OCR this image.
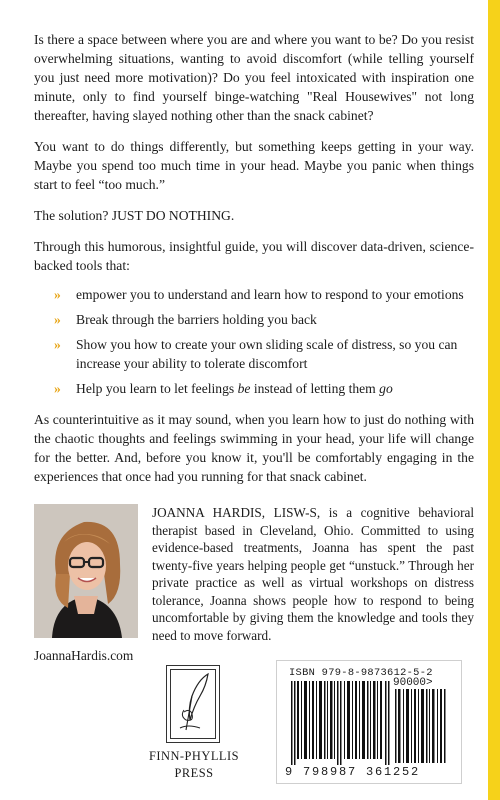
Is there a space between where you are and where you want to be? Do you resist overwhelming situations, wanting to avoid discomfort (while telling yourself you just need more motivation)? Do you feel intoxicated with inspiration one minute, only to find yourself binge-watching "Real Housewives" not long thereafter, having slayed nothing other than the snack cabinet?

You want to do things differently, but something keeps getting in your way. Maybe you spend too much time in your head. Maybe you panic when things start to feel “too much.”

The solution? JUST DO NOTHING.

Through this humorous, insightful guide, you will discover data-driven, science-backed tools that:

» empower you to understand and learn how to respond to your emotions
» Break through the barriers holding you back
» Show you how to create your own sliding scale of distress, so you can increase your ability to tolerate discomfort
» Help you learn to let feelings be instead of letting them go

As counterintuitive as it may sound, when you learn how to just do nothing with the chaotic thoughts and feelings swimming in your head, your life will change for the better. And, before you know it, you'll be comfortably engaging in the experiences that once had you running for that snack cabinet.

JOANNA HARDIS, LISW-S, is a cognitive behavioral therapist based in Cleveland, Ohio. Committed to using evidence-based treatments, Joanna has spent the past twenty-five years helping people get “unstuck.” Through her private practice as well as virtual workshops on distress tolerance, Joanna shows people how to respond to being uncomfortable by giving them the knowledge and tools they need to move forward.
JoannaHardis.com
FINN-PHYLLIS
PRESS
ISBN 979-8-9873612-5-2
90000>
9 798987 361252
